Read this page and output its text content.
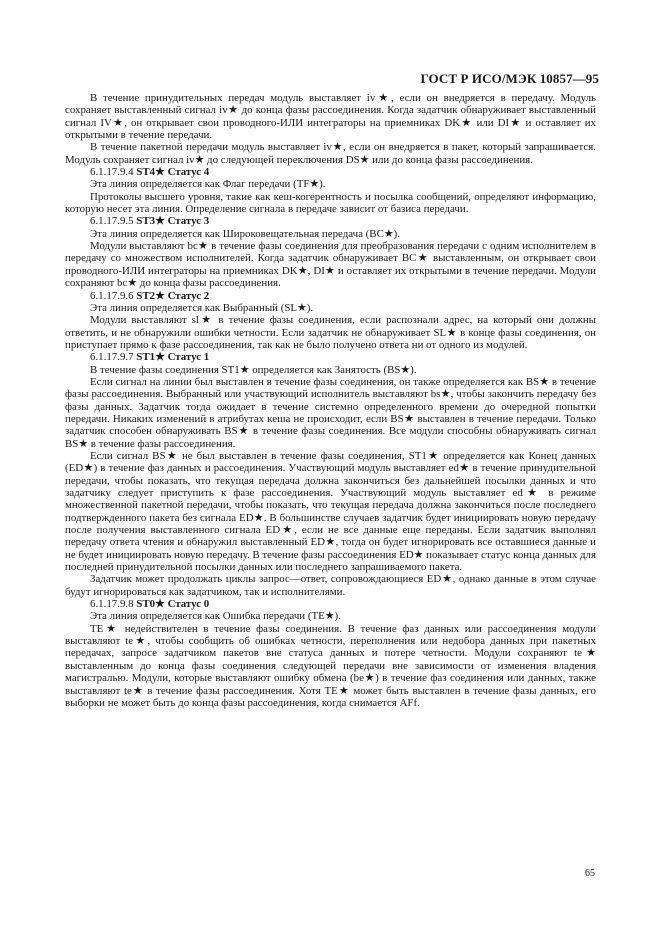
ГОСТ Р ИСО/МЭК 10857—95

В течение принудительных передач модуль выставляет iv★, если он внедряется в передачу. Модуль сохраняет выставленный сигнал iv★ до конца фазы рассоединения. Когда задатчик обнаруживает выставленный сигнал IV★, он открывает свои проводного-ИЛИ интеграторы на приемниках DK★ или DI★ и оставляет их открытыми в течение передачи.

В течение пакетной передачи модуль выставляет iv★, если он внедряется в пакет, который запрашивается. Модуль сохраняет сигнал iv★ до следующей переключения DS★ или до конца фазы рассоединения.

6.1.17.9.4 ST4★ Статус 4

Эта линия определяется как Флаг передачи (TF★).

Протоколы высшего уровня, такие как кеш-когерентность и посылка сообщений, определяют информацию, которую несет эта линия. Определение сигнала в передаче зависит от базиса передачи.

6.1.17.9.5 ST3★ Статус 3

Эта линия определяется как Широковещательная передача (BC★).

Модули выставляют bc★ в течение фазы соединения для преобразования передачи с одним исполнителем в передачу со множеством исполнителей. Когда задатчик обнаруживает BC★ выставленным, он открывает свои проводного-ИЛИ интеграторы на приемниках DK★, DI★ и оставляет их открытыми в течение передачи. Модули сохраняют bc★ до конца фазы рассоединения.

6.1.17.9.6 ST2★ Статус 2

Эта линия определяется как Выбранный (SL★).

Модули выставляют sl★ в течение фазы соединения, если распознали адрес, на который они должны ответить, и не обнаружили ошибки четности. Если задатчик не обнаруживает SL★ в конце фазы соединения, он приступает прямо к фазе рассоединения, так как не было получено ответа ни от одного из модулей.

6.1.17.9.7 ST1★ Статус 1

В течение фазы соединения ST1★ определяется как Занятость (BS★).

Если сигнал на линии был выставлен в течение фазы соединения, он также определяется как BS★ в течение фазы рассоединения. Выбранный или участвующий исполнитель выставляют bs★, чтобы закончить передачу без фазы данных. Задатчик тогда ожидает в течение системно определенного времени до очередной попытки передачи. Никаких изменений в атрибутах кеша не происходит, если BS★ выставлен в течение передачи. Только задатчик способен обнаруживать BS★ в течение фазы соединения. Все модули способны обнаруживать сигнал BS★ в течение фазы рассоединения.

Если сигнал BS★ не был выставлен в течение фазы соединения, ST1★ определяется как Конец данных (ED★) в течение фаз данных и рассоединения. Участвующий модуль выставляет ed★ в течение принудительной передачи, чтобы показать, что текущая передача должна закончиться без дальнейшей посылки данных и что задатчику следует приступить к фазе рассоединения. Участвующий модуль выставляет ed★ в режиме множественной пакетной передачи, чтобы показать, что текущая передача должна закончиться после последнего подтвержденного пакета без сигнала ED★. В большинстве случаев задатчик будет инициировать новую передачу после получения выставленного сигнала ED★, если не все данные еще переданы. Если задатчик выполнял передачу ответа чтения и обнаружил выставленный ED★, тогда он будет игнорировать все оставшиеся данные и не будет инициировать новую передачу. В течение фазы рассоединения ED★ показывает статус конца данных для последней принудительной посылки данных или последнего запрашиваемого пакета.

Задатчик может продолжать циклы запрос—ответ, сопровождающиеся ED★, однако данные в этом случае будут игнорироваться как задатчиком, так и исполнителями.

6.1.17.9.8 ST0★ Статус 0

Эта линия определяется как Ошибка передачи (TE★).

TE★ недействителен в течение фазы соединения. В течение фаз данных или рассоединения модули выставляют te★, чтобы сообщить об ошибках четности, переполнения или недобора данных при пакетных передачах, запросе задатчиком пакетов вне статуса данных и потере четности. Модули сохраняют te★ выставленным до конца фазы соединения следующей передачи вне зависимости от изменения владения магистралью. Модули, которые выставляют ошибку обмена (be★) в течение фаз соединения или данных, также выставляют te★ в течение фазы рассоединения. Хотя TE★ может быть выставлен в течение фазы данных, его выборки не может быть до конца фазы рассоединения, когда снимается AFf.

65
